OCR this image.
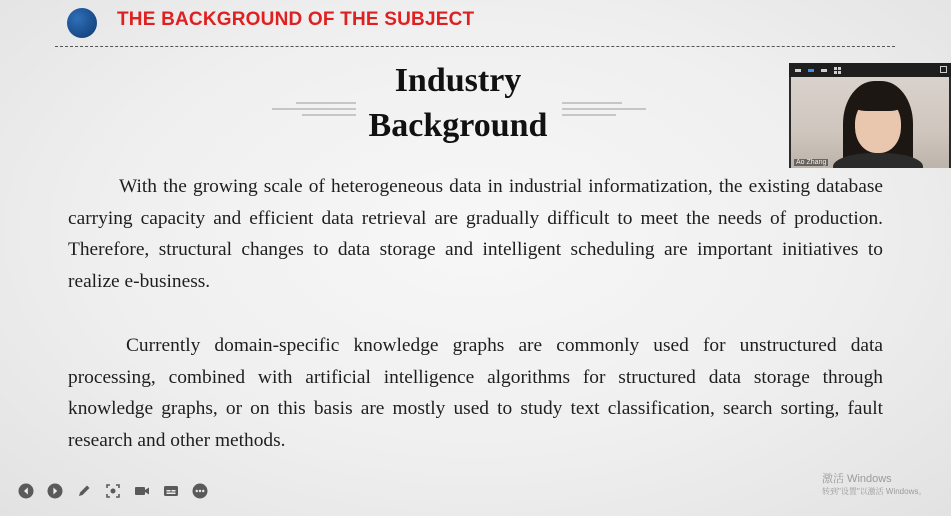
THE BACKGROUND OF THE SUBJECT
Industry
Background
With the growing scale of heterogeneous data in industrial informatization, the existing database carrying capacity and efficient data retrieval are gradually difficult to meet the needs of production. Therefore, structural changes to data storage and intelligent scheduling are important initiatives to realize e-business.
Currently domain-specific knowledge graphs are commonly used for unstructured data processing, combined with artificial intelligence algorithms for structured data storage through knowledge graphs, or on this basis are mostly used to study text classification, search sorting, fault research and other methods.
Ao Zhang
激活 Windows
转到"设置"以激活 Windows。
